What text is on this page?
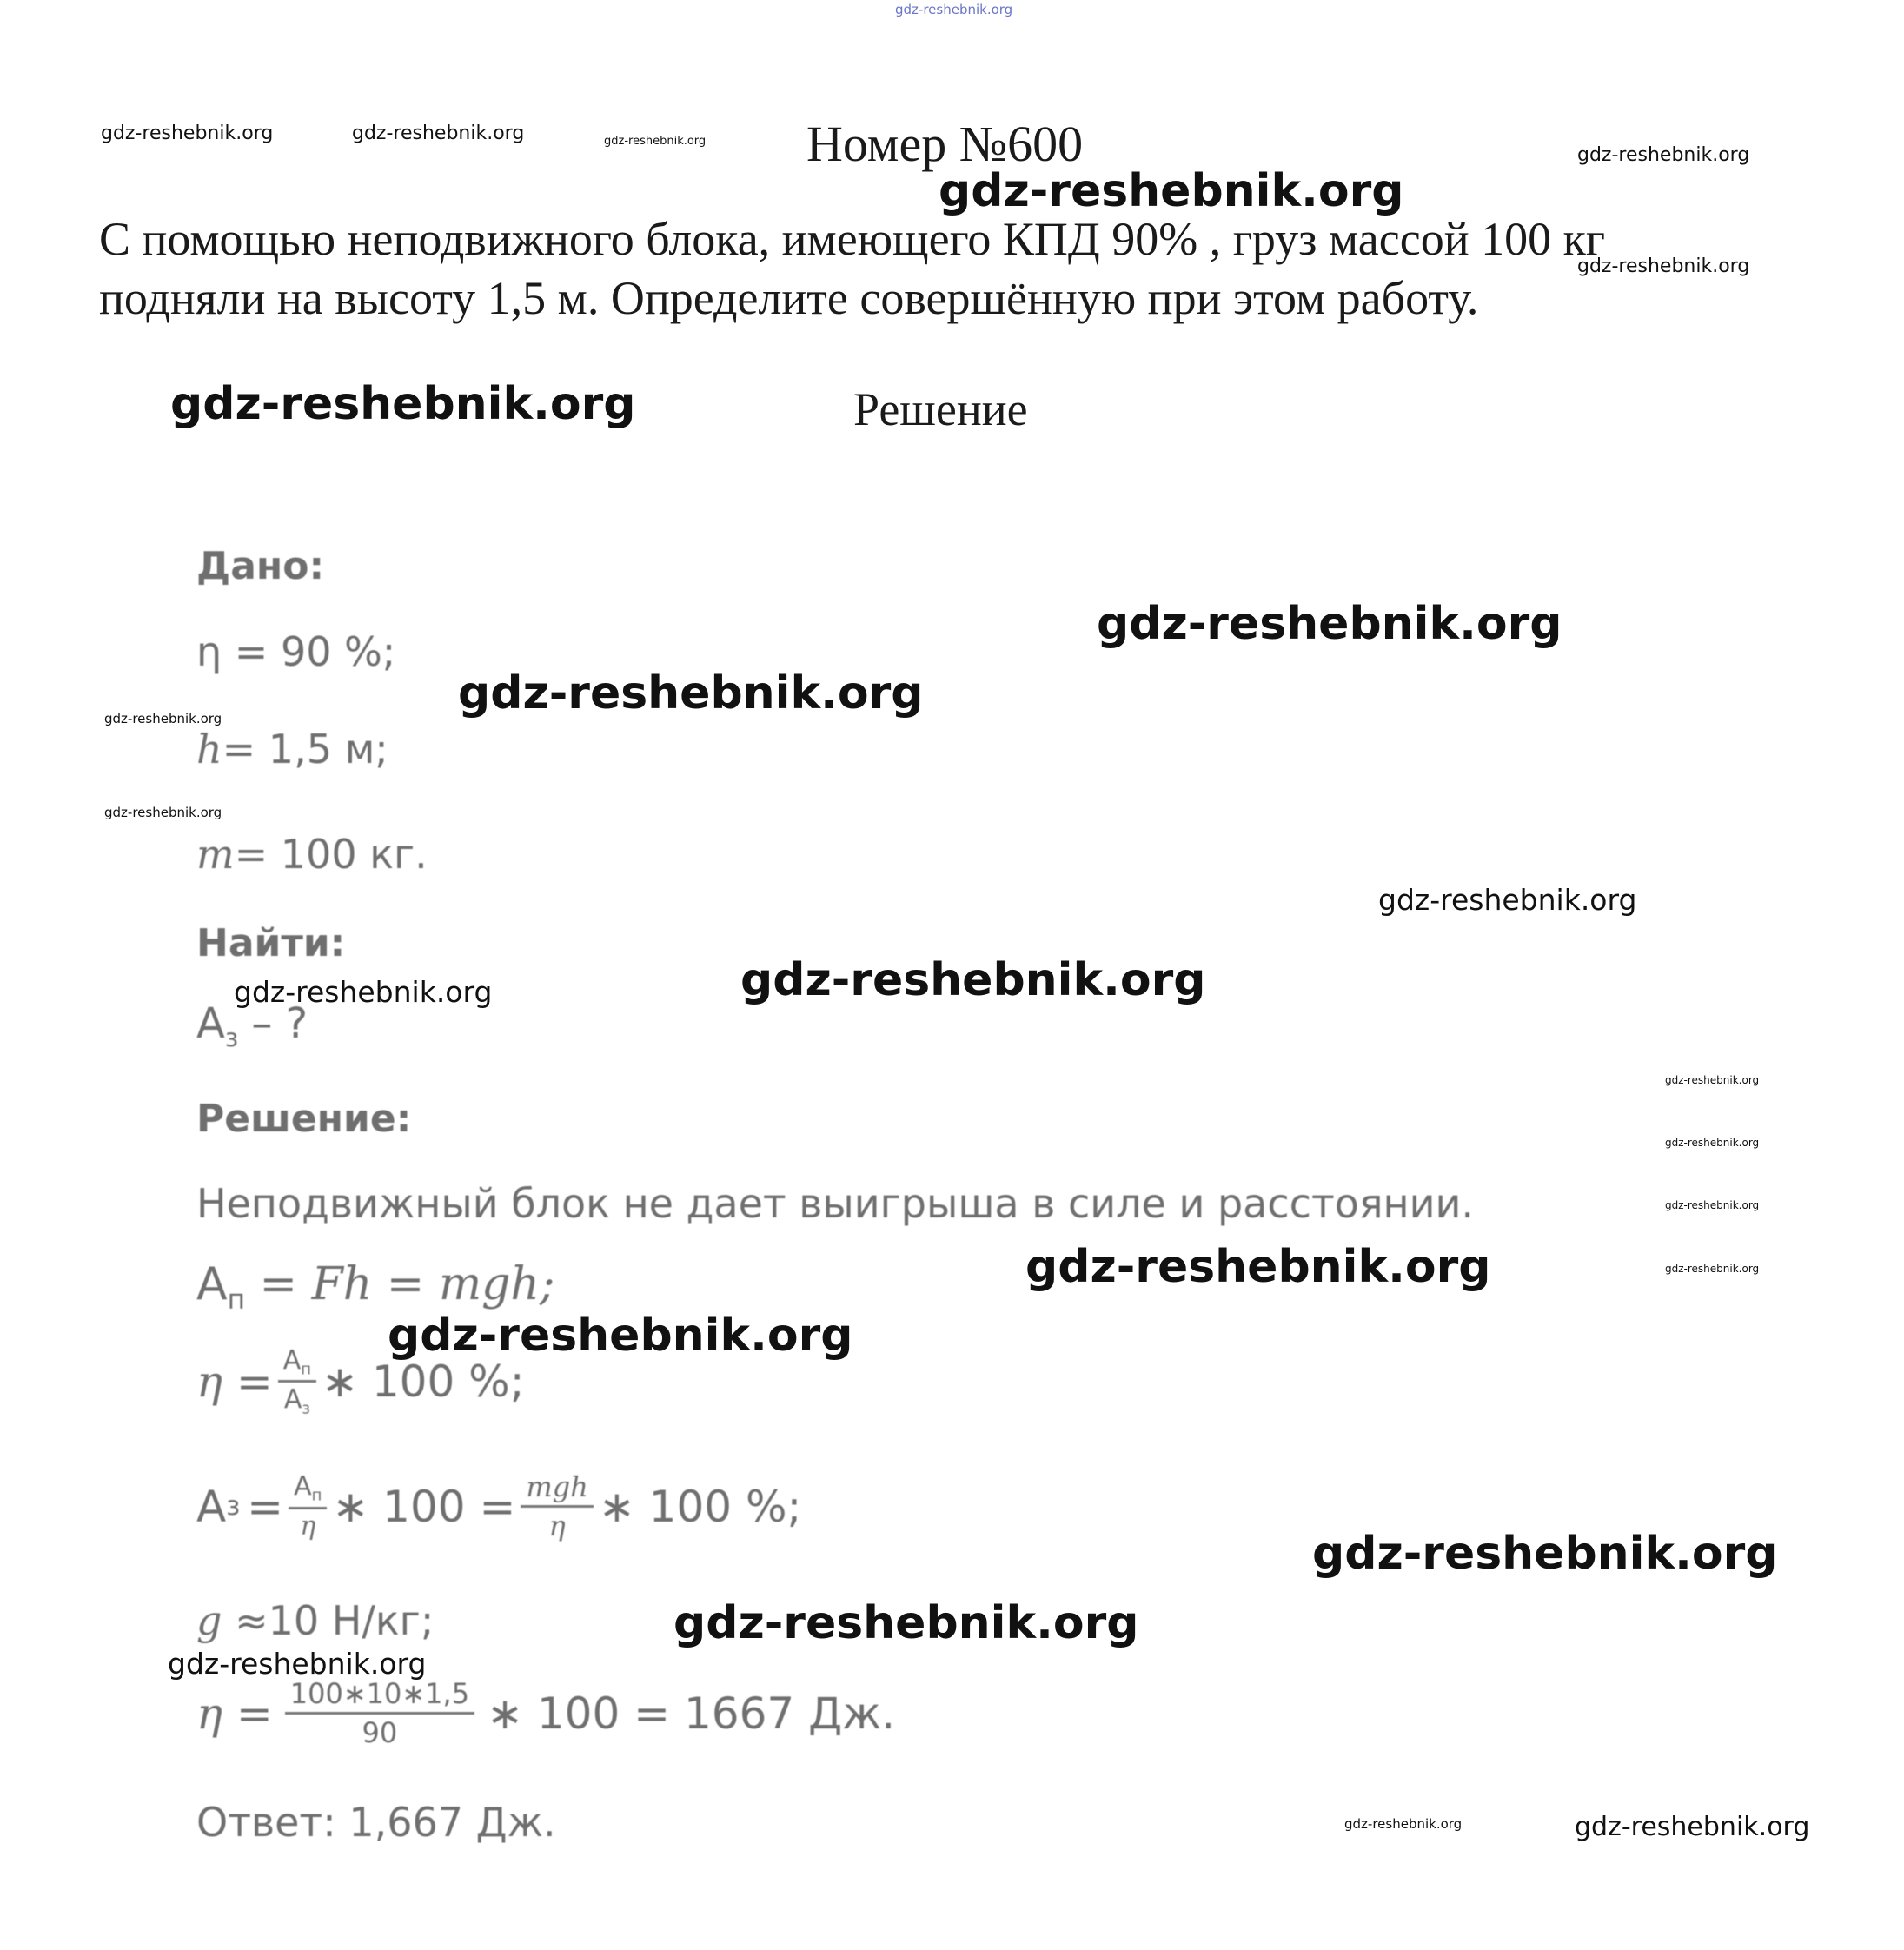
gdz-reshebnik.org
gdz-reshebnik.org	gdz-reshebnik.org	gdz-reshebnik.org
gdz-reshebnik.org
gdz-reshebnik.org
Номер №600
gdz-reshebnik.org
С помощью неподвижного блока, имеющего КПД 90% , груз массой 100 кг
подняли на высоту 1,5 м. Определите совершённую при этом работу.
gdz-reshebnik.org	Решение
Дано:
η = 90 %;
h= 1,5 м;
m= 100 кг.
Найти:
$A_з$ – ?
Решение:
Неподвижный блок не дает выигрыша в силе и расстоянии.
$A_п = Fh$ = mgh;
$\eta = \frac{A_п}{A_з}$ ∗ 100 %;
A $з = \frac{A_п}{\eta}$ ∗ $100 = \frac{\text{mgh}}{\eta}$ ∗ 100 %;
g ≈10 Н/кг;
$\eta = \frac{100∗10∗1,5}{90}$ ∗ 100 = 1667 Дж.
Ответ: 1,667 Дж.
gdz-reshebnik.org
gdz-reshebnik.org
gdz-reshebnik.org
gdz-reshebnik.org
gdz-reshebnik.org
gdz-reshebnik.org
gdz-reshebnik.org
gdz-reshebnik.org
gdz-reshebnik.org
gdz-reshebnik.org
gdz-reshebnik.org
gdz-reshebnik.org
gdz-reshebnik.org
gdz-reshebnik.org
gdz-reshebnik.org
gdz-reshebnik.org
gdz-reshebnik.org	gdz-reshebnik.org
